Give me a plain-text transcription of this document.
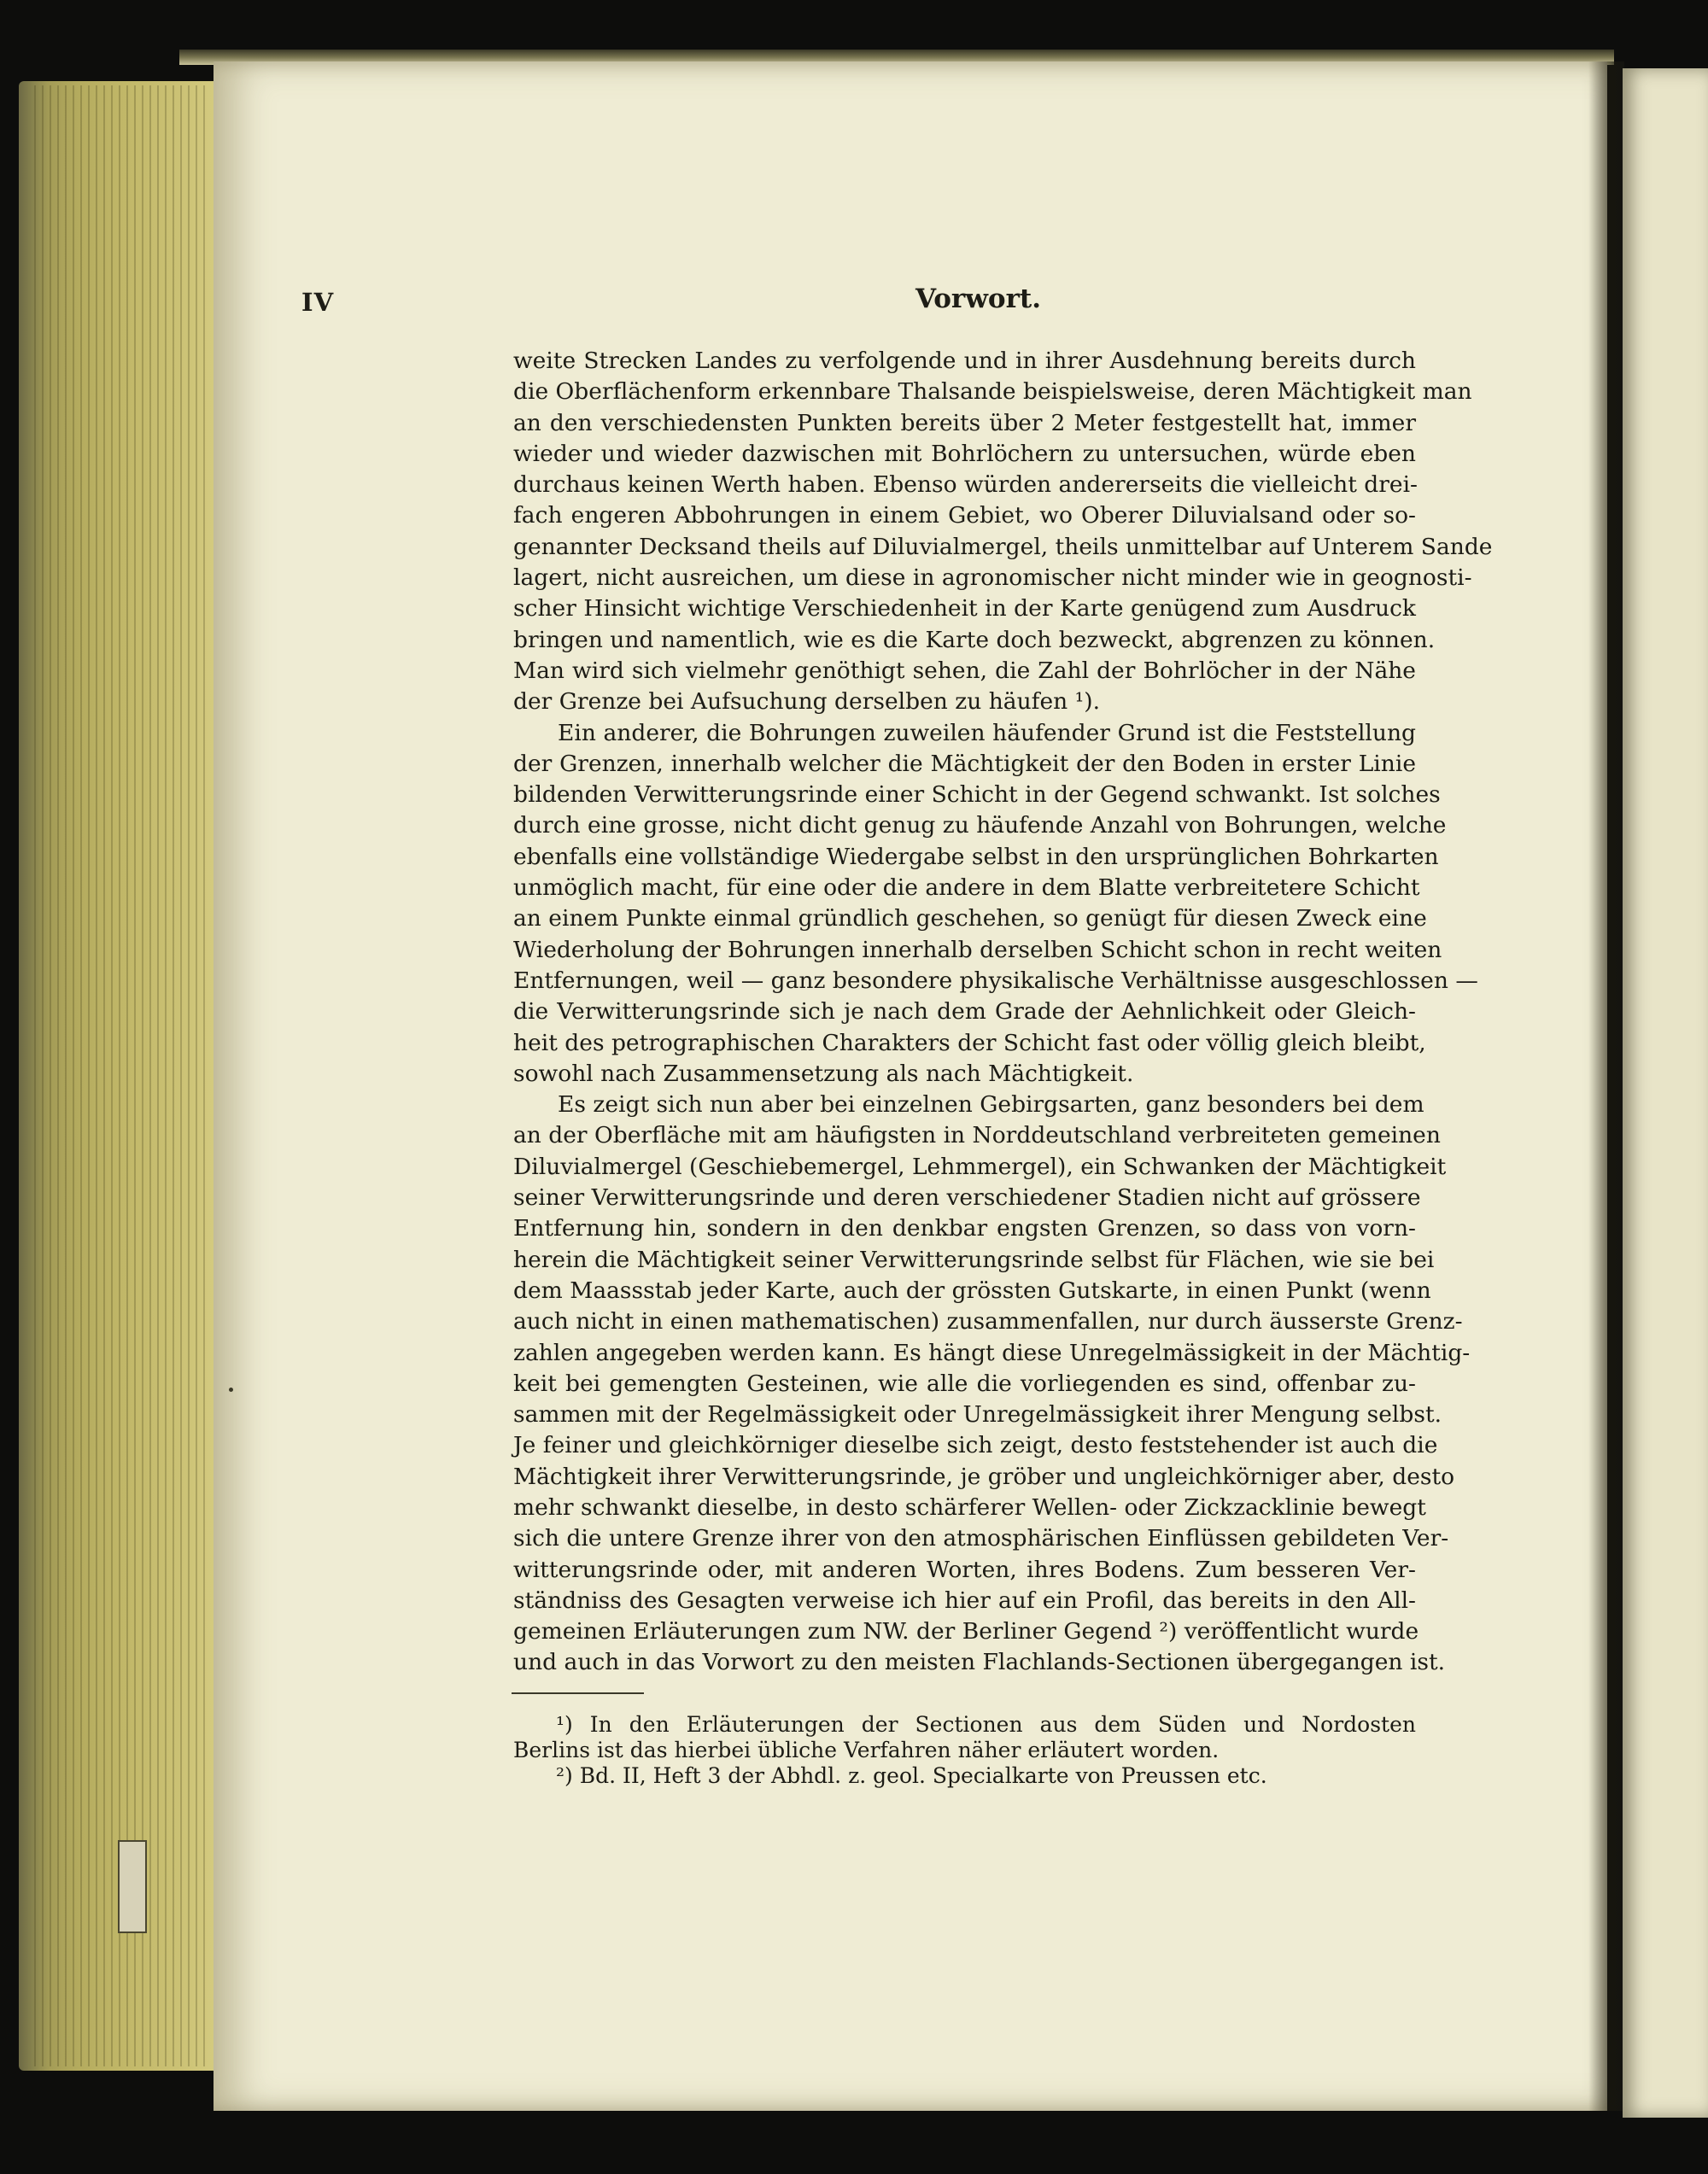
IV	Vorwort.
weite Strecken Landes zu verfolgende und in ihrer Ausdehnung bereits durch
die Oberflächenform erkennbare Thalsande beispielsweise, deren Mächtigkeit man
an den verschiedensten Punkten bereits über 2 Meter festgestellt hat, immer
wieder und wieder dazwischen mit Bohrlöchern zu untersuchen, würde eben
durchaus keinen Werth haben. Ebenso würden andererseits die vielleicht drei-
fach engeren Abbohrungen in einem Gebiet, wo Oberer Diluvialsand oder so-
genannter Decksand theils auf Diluvialmergel, theils unmittelbar auf Unterem Sande
lagert, nicht ausreichen, um diese in agronomischer nicht minder wie in geognosti-
scher Hinsicht wichtige Verschiedenheit in der Karte genügend zum Ausdruck
bringen und namentlich, wie es die Karte doch bezweckt, abgrenzen zu können.
Man wird sich vielmehr genöthigt sehen, die Zahl der Bohrlöcher in der Nähe
der Grenze bei Aufsuchung derselben zu häufen ¹).
Ein anderer, die Bohrungen zuweilen häufender Grund ist die Feststellung
der Grenzen, innerhalb welcher die Mächtigkeit der den Boden in erster Linie
bildenden Verwitterungsrinde einer Schicht in der Gegend schwankt. Ist solches
durch eine grosse, nicht dicht genug zu häufende Anzahl von Bohrungen, welche
ebenfalls eine vollständige Wiedergabe selbst in den ursprünglichen Bohrkarten
unmöglich macht, für eine oder die andere in dem Blatte verbreitetere Schicht
an einem Punkte einmal gründlich geschehen, so genügt für diesen Zweck eine
Wiederholung der Bohrungen innerhalb derselben Schicht schon in recht weiten
Entfernungen, weil — ganz besondere physikalische Verhältnisse ausgeschlossen —
die Verwitterungsrinde sich je nach dem Grade der Aehnlichkeit oder Gleich-
heit des petrographischen Charakters der Schicht fast oder völlig gleich bleibt,
sowohl nach Zusammensetzung als nach Mächtigkeit.
Es zeigt sich nun aber bei einzelnen Gebirgsarten, ganz besonders bei dem
an der Oberfläche mit am häufigsten in Norddeutschland verbreiteten gemeinen
Diluvialmergel (Geschiebemergel, Lehmmergel), ein Schwanken der Mächtigkeit
seiner Verwitterungsrinde und deren verschiedener Stadien nicht auf grössere
Entfernung hin, sondern in den denkbar engsten Grenzen, so dass von vorn-
herein die Mächtigkeit seiner Verwitterungsrinde selbst für Flächen, wie sie bei
dem Maassstab jeder Karte, auch der grössten Gutskarte, in einen Punkt (wenn
auch nicht in einen mathematischen) zusammenfallen, nur durch äusserste Grenz-
zahlen angegeben werden kann. Es hängt diese Unregelmässigkeit in der Mächtig-
keit bei gemengten Gesteinen, wie alle die vorliegenden es sind, offenbar zu-
sammen mit der Regelmässigkeit oder Unregelmässigkeit ihrer Mengung selbst.
Je feiner und gleichkörniger dieselbe sich zeigt, desto feststehender ist auch die
Mächtigkeit ihrer Verwitterungsrinde, je gröber und ungleichkörniger aber, desto
mehr schwankt dieselbe, in desto schärferer Wellen- oder Zickzacklinie bewegt
sich die untere Grenze ihrer von den atmosphärischen Einflüssen gebildeten Ver-
witterungsrinde oder, mit anderen Worten, ihres Bodens. Zum besseren Ver-
ständniss des Gesagten verweise ich hier auf ein Profil, das bereits in den All-
gemeinen Erläuterungen zum NW. der Berliner Gegend ²) veröffentlicht wurde
und auch in das Vorwort zu den meisten Flachlands-Sectionen übergegangen ist.
¹) In den Erläuterungen der Sectionen aus dem Süden und Nordosten
Berlins ist das hierbei übliche Verfahren näher erläutert worden.
²) Bd. II, Heft 3 der Abhdl. z. geol. Specialkarte von Preussen etc.
